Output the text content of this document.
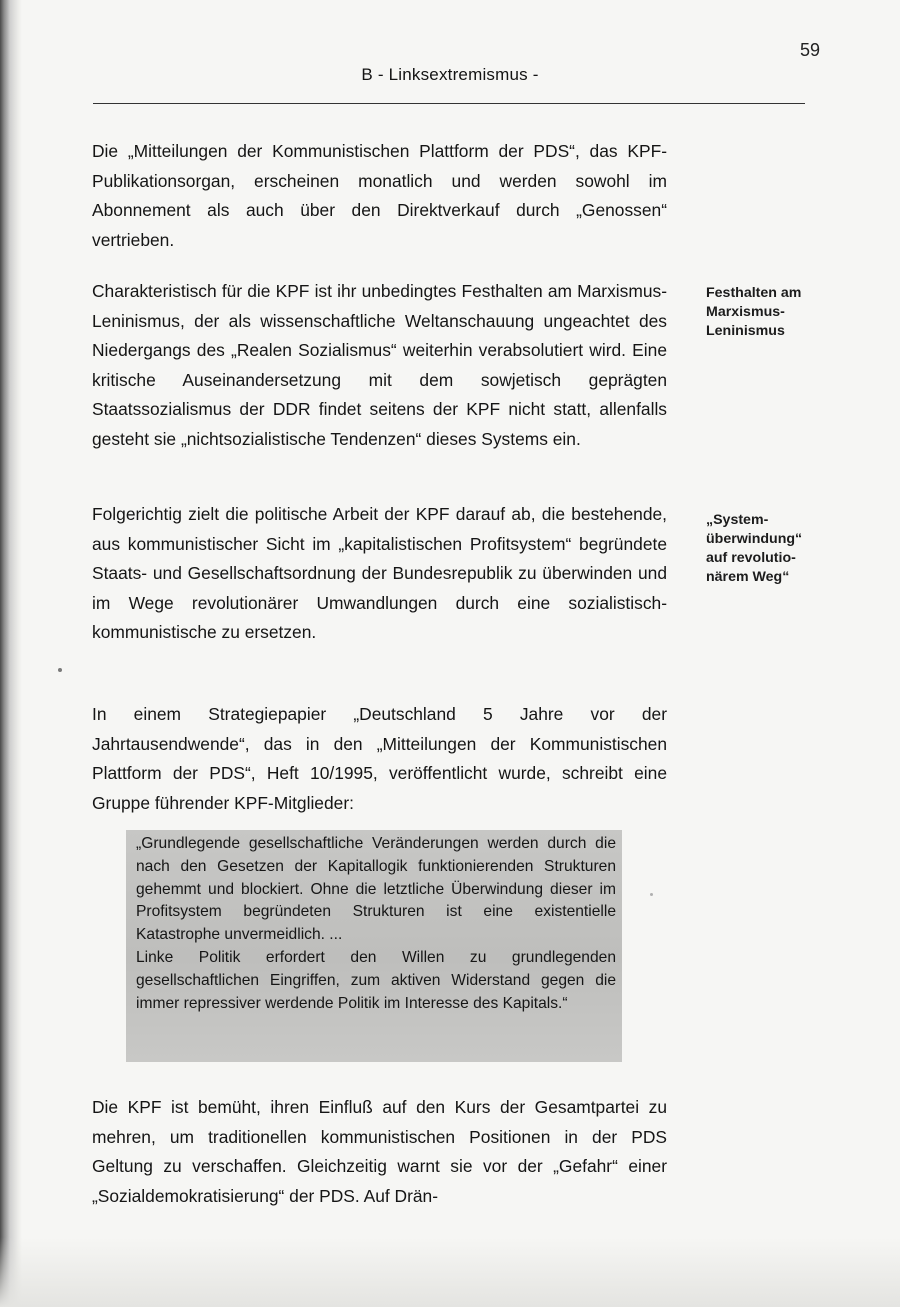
59
B - Linksextremismus -

Die „Mitteilungen der Kommunistischen Plattform der PDS“, das KPF-Publikationsorgan, erscheinen monatlich und werden sowohl im Abonnement als auch über den Direktverkauf durch „Genossen“ vertrieben.

Charakteristisch für die KPF ist ihr unbedingtes Festhalten am Marxismus-Leninismus, der als wissenschaftliche Weltanschauung ungeachtet des Niedergangs des „Realen Sozialismus“ weiterhin verabsolutiert wird. Eine kritische Auseinandersetzung mit dem sowjetisch geprägten Staatssozialismus der DDR findet seitens der KPF nicht statt, allenfalls gesteht sie „nichtsozialistische Tendenzen“ dieses Systems ein.

Festhalten am Marxismus-Leninismus

Folgerichtig zielt die politische Arbeit der KPF darauf ab, die bestehende, aus kommunistischer Sicht im „kapitalistischen Profitsystem“ begründete Staats- und Gesellschaftsordnung der Bundesrepublik zu überwinden und im Wege revolutionärer Umwandlungen durch eine sozialistisch-kommunistische zu ersetzen.

„System-überwindung“ auf revolutio-närem Weg“

In einem Strategiepapier „Deutschland 5 Jahre vor der Jahrtausendwende“, das in den „Mitteilungen der Kommunistischen Plattform der PDS“, Heft 10/1995, veröffentlicht wurde, schreibt eine Gruppe führender KPF-Mitglieder:

„Grundlegende gesellschaftliche Veränderungen werden durch die nach den Gesetzen der Kapitallogik funktionierenden Strukturen gehemmt und blockiert. Ohne die letztliche Überwindung dieser im Profitsystem begründeten Strukturen ist eine existentielle Katastrophe unvermeidlich. ...
Linke Politik erfordert den Willen zu grundlegenden gesellschaftlichen Eingriffen, zum aktiven Widerstand gegen die immer repressiver werdende Politik im Interesse des Kapitals.“

Die KPF ist bemüht, ihren Einfluß auf den Kurs der Gesamtpartei zu mehren, um traditionellen kommunistischen Positionen in der PDS Geltung zu verschaffen. Gleichzeitig warnt sie vor der „Gefahr“ einer „Sozialdemokratisierung“ der PDS. Auf Drän-
